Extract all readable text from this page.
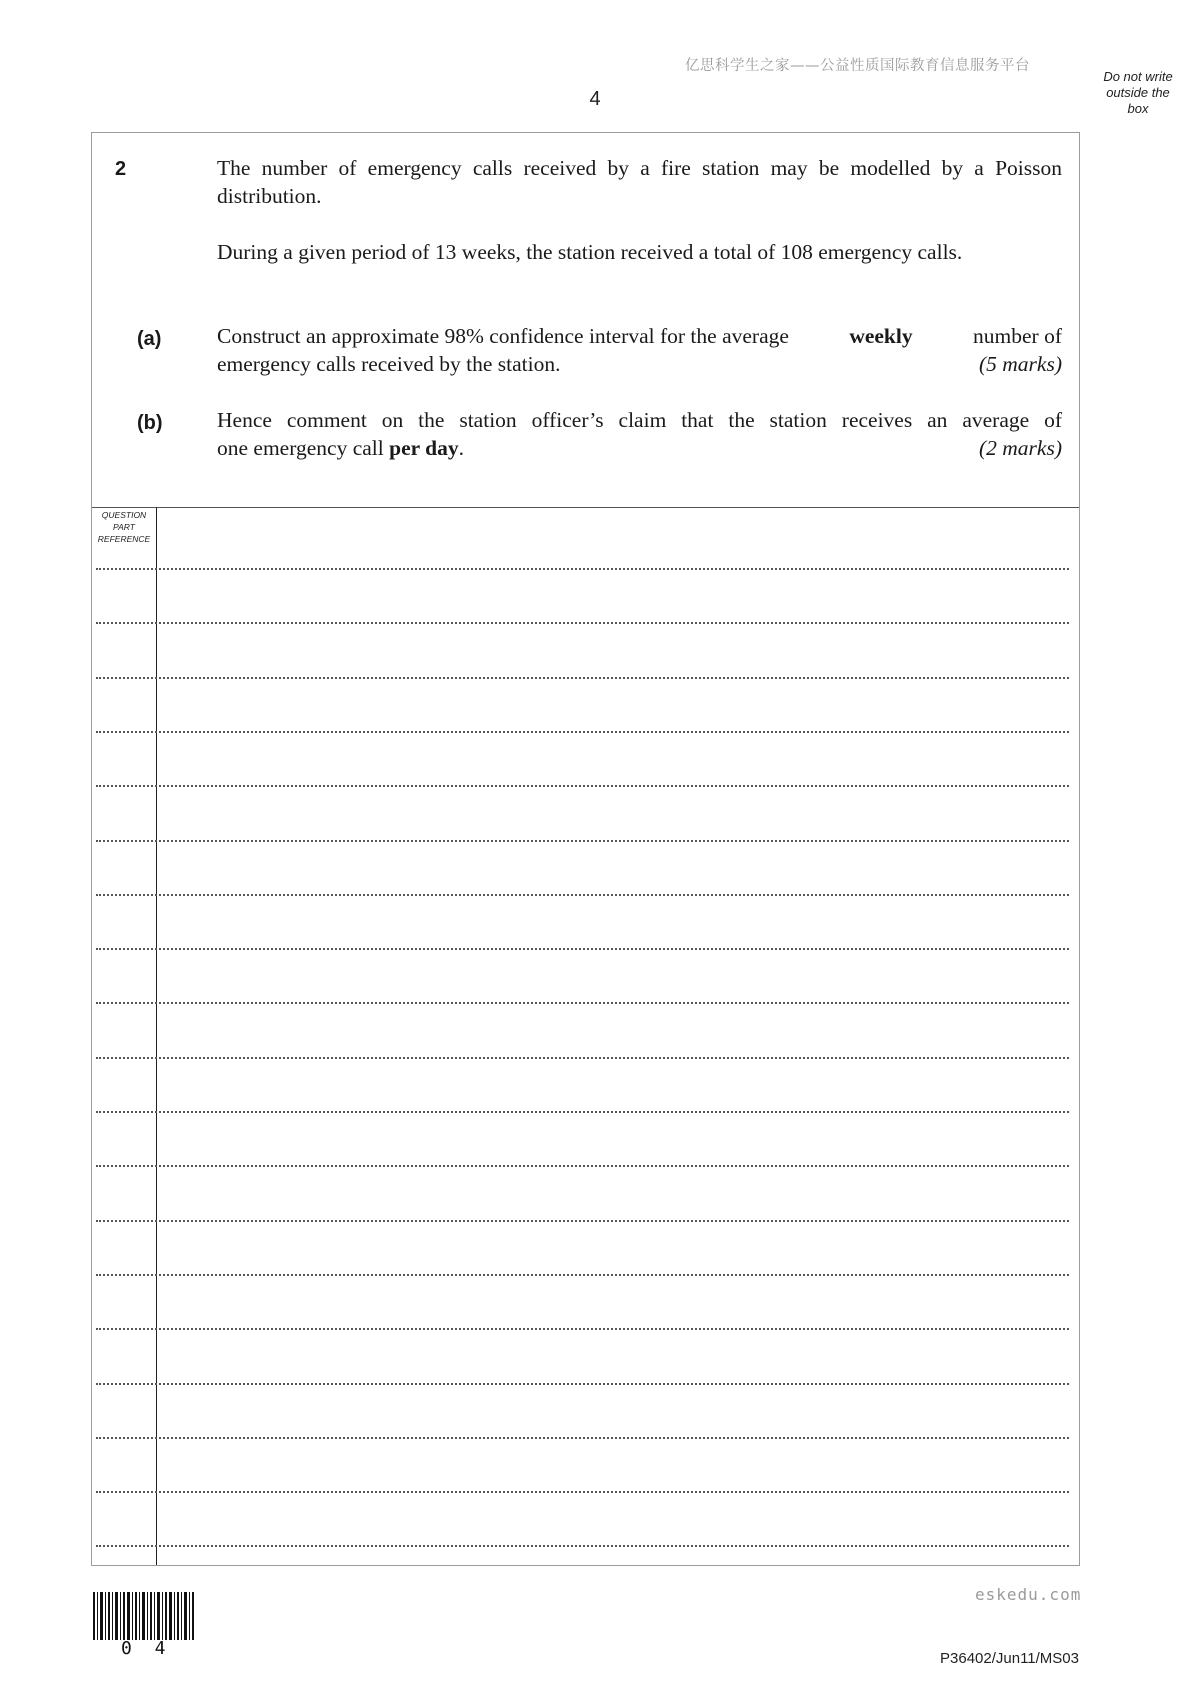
亿思科学生之家——公益性质国际教育信息服务平台
4
Do not write
outside the
box
2	The number of emergency calls received by a fire station may be modelled by a Poisson distribution.
During a given period of 13 weeks, the station received a total of 108 emergency calls.
(a)	Construct an approximate 98% confidence interval for the average	weekly	number of
emergency calls received by the station.	(5 marks)
(b)	Hence comment on the station officer’s claim that the station receives an average of
one emergency call per day.	(2 marks)
QUESTION
PART
REFERENCE
eskedu.com
0 4	P36402/Jun11/MS03
